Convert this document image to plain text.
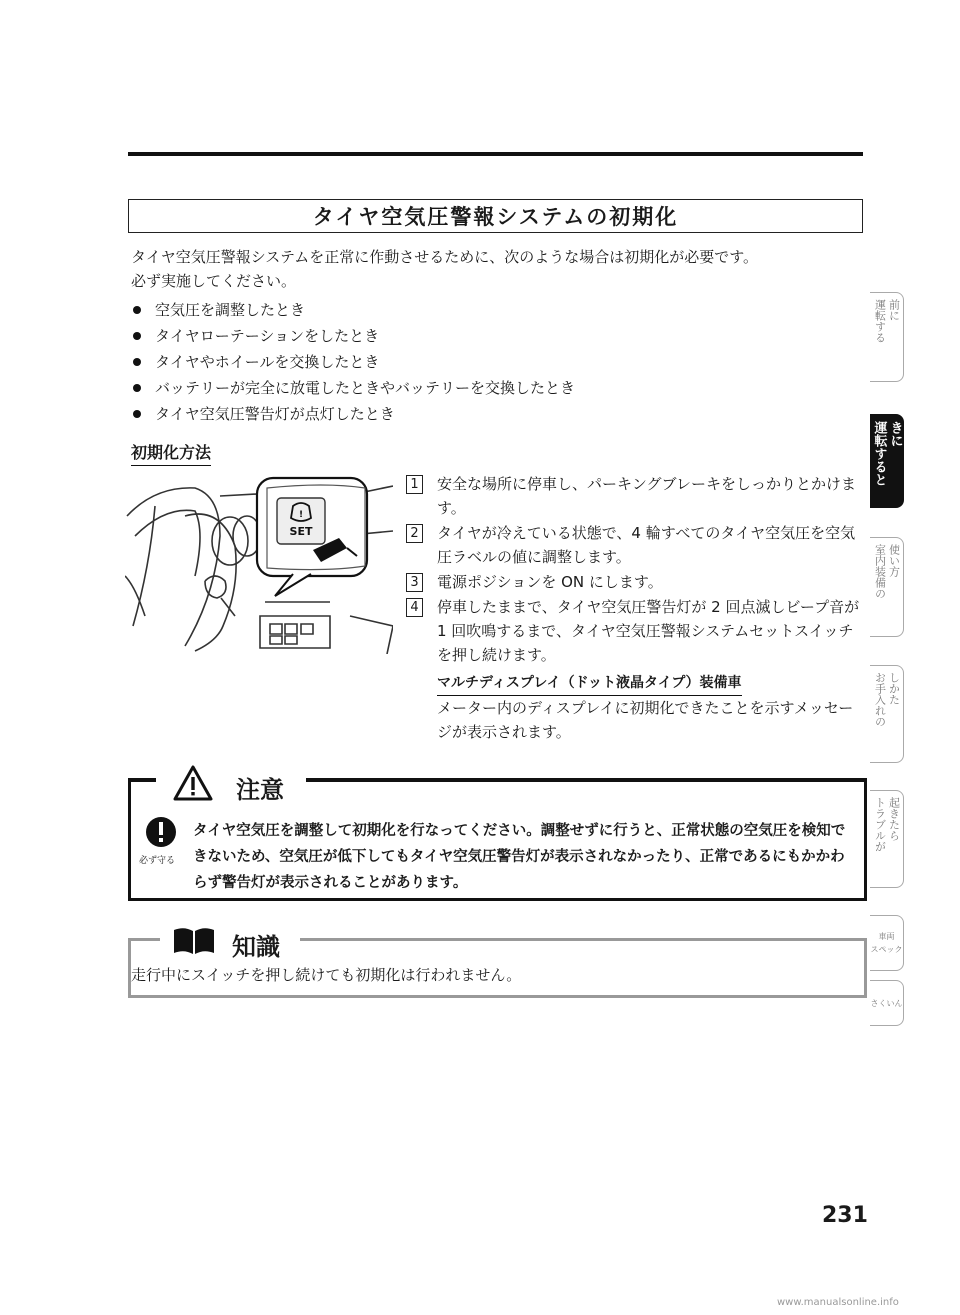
タイヤ空気圧警報システムの初期化
タイヤ空気圧警報システムを正常に作動させるために、次のような場合は初期化が必要です。
必ず実施してください。
空気圧を調整したとき
タイヤローテーションをしたとき
タイヤやホイールを交換したとき
バッテリーが完全に放電したときやバッテリーを交換したとき
タイヤ空気圧警告灯が点灯したとき
初期化方法
!
SET
1 安全な場所に停車し、パーキングブレーキをしっかりとかけます。
2 タイヤが冷えている状態で、4 輪すべてのタイヤ空気圧を空気圧ラベルの値に調整します。
3 電源ポジションを ON にします。
4 停車したままで、タイヤ空気圧警告灯が 2 回点滅しビープ音が 1 回吹鳴するまで、タイヤ空気圧警報システムセットスイッチを押し続けます。
マルチディスプレイ（ドット液晶タイプ）装備車
メーター内のディスプレイに初期化できたことを示すメッセージが表示されます。
注意
必ず守る
タイヤ空気圧を調整して初期化を行なってください。調整せずに行うと、正常状態の空気圧を検知できないため、空気圧が低下してもタイヤ空気圧警告灯が表示されなかったり、正常であるにもかかわらず警告灯が表示されることがあります。
知識
走行中にスイッチを押し続けても初期化は行われません。
運転する 前に
運転すると きに
室内装備の 使い方
お手入れの しかた
トラブルが 起きたら
車両
スペック
さくいん
231
www.manualsonline.info
